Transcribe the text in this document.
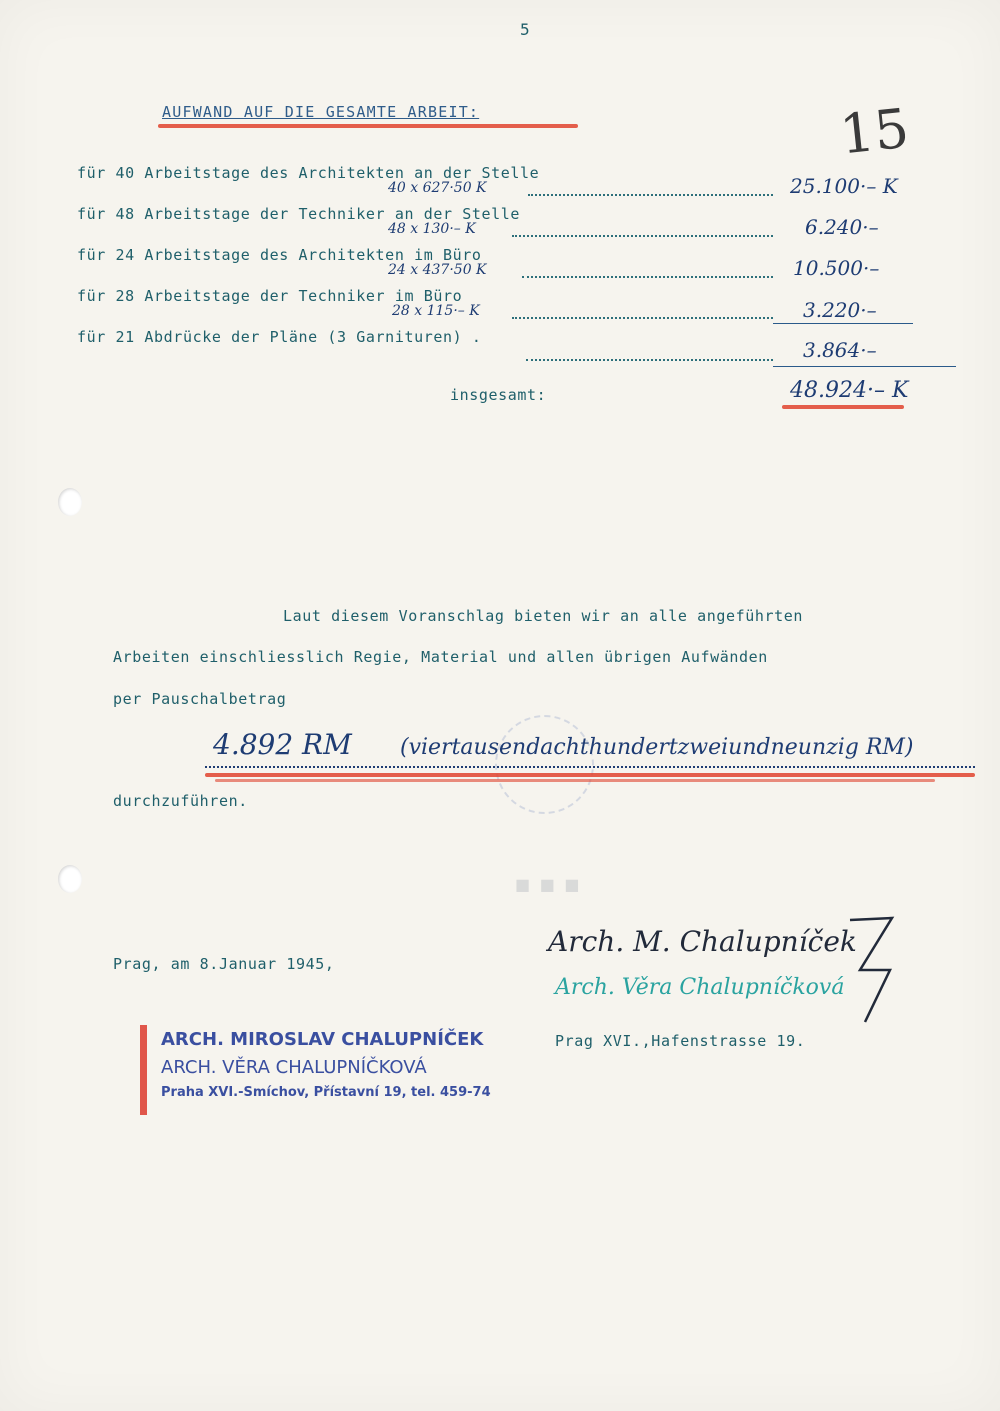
5
15
AUFWAND AUF DIE GESAMTE ARBEIT:
für 40 Arbeitstage des Architekten an der Stelle
40 x 627·50 K	25.100·– K
für 48 Arbeitstage der Techniker an der Stelle
48 x 130·– K	6.240·–
für 24 Arbeitstage des Architekten im Büro
24 x 437·50 K	10.500·–
für 28 Arbeitstage der Techniker im Büro
28 x 115·– K	3.220·–
für 21 Abdrücke der Pläne (3 Garnituren) .
3.864·–
insgesamt:	48.924·– K
Laut diesem Voranschlag bieten wir an alle angeführten
Arbeiten einschliesslich Regie, Material und allen übrigen Aufwänden
per Pauschalbetrag
4.892 RM (viertausendachthundertzweiundneunzig RM)
durchzuführen.
■ ■ ■
Prag, am 8.Januar 1945,
Arch. M. Chalupníček
Arch. Věra Chalupníčková
Prag XVI.,Hafenstrasse 19.
ARCH. MIROSLAV CHALUPNÍČEK
ARCH. VĚRA CHALUPNÍČKOVÁ
Praha XVI.-Smíchov, Přístavní 19, tel. 459-74
